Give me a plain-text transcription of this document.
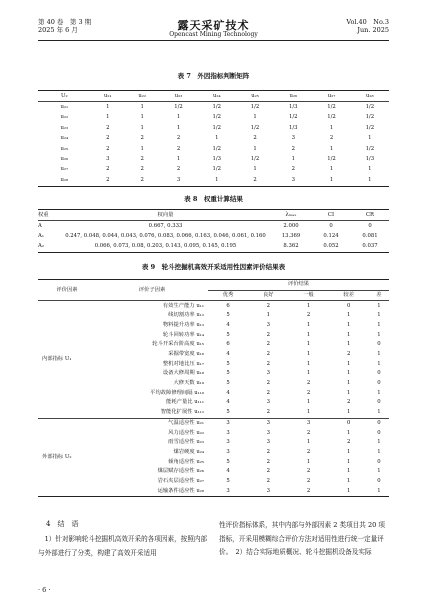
第 40 卷　第 3 期
2025 年 6 月	露天采矿技术
Opencast Mining Technology
Vol.40　No.3
Jun. 2025
表 7　外因指标判断矩阵
U₂	u₂₁	u₂₂	u₂₃	u₂₄	u₂₅	u₂₆	u₂₇	u₂₈
u₂₁	1	1	1/2	1/2	1/2	1/3	1/2	1/2
u₂₂	1	1	1	1/2	1	1/2	1/2	1/2
u₂₃	2	1	1	1/2	1/2	1/3	1	1/2
u₂₄	2	2	2	1	2	3	2	1
u₂₅	2	1	2	1/2	1	2	1	1/2
u₂₆	3	2	1	1/3	1/2	1	1/2	1/3
u₂₇	2	2	2	1/2	1	2	1	1
u₂₈	2	2	3	1	2	3	1	1
表 8　权重计算结果
权重	权向量	λₘₐₓ	CI	CR
A	0.667, 0.333	2.000	0	0
A₁	0.247, 0.048, 0.044, 0.043, 0.076, 0.083, 0.066, 0.163, 0.046, 0.061, 0.160	13.369	0.124	0.081
A₂	0.066, 0.073, 0.08, 0.203, 0.143, 0.095, 0.145, 0.195	8.362	0.052	0.037
表 9　轮斗挖掘机高效开采适用性因素评价结果表
评价因素	评价子因素	评价结果				
		优秀	良好	一般	较差	差
内部指标 U₁	有效生产能力 u₁₁	6	2	1	0	1
	线切割功率 u₁₂	5	1	2	1	1
	物料提升功率 u₁₃	4	3	1	1	1
	轮斗回转功率 u₁₄	5	2	1	1	1
	轮斗开采台阶高度 u₁₅	6	2	1	1	0
	采掘带宽度 u₁₆	4	2	1	2	1
	整机对地比压 u₁₇	5	2	1	1	1
	设备大修周期 u₁₈	5	3	1	1	0
	大修天数 u₁₉	5	2	2	1	0
	平均故障修理间隔 u₁₁₀	4	2	2	1	1
	能耗产量比 u₁₁₁	4	3	1	2	0
	智能化扩展性 u₁₁₂	5	2	1	1	1
外部指标 U₂	气温适应性 u₂₁	3	3	3	0	0
	风力适应性 u₂₂	3	3	2	1	0
	雨雪适应性 u₂₃	3	3	1	2	1
	煤岩硬度 u₂₄	3	2	2	1	1
	倾角适应性 u₂₅	5	2	1	1	0
	煤层赋存适应性 u₂₆	4	2	2	1	1
	岩石夹层适应性 u₂₇	5	2	2	1	0
	运输条件适应性 u₂₈	3	3	2	1	1
4　结　语
　1）针对影响轮斗挖掘机高效开采的各项因素，按照内部与外部进行了分类，构建了高效开采适用
性评价指标体系，其中内部与外部因素 2 类项目共 20 项指标，开采用模糊综合评价方法对适用性进行统一定量评价。　2）结合实际地质概况、轮斗挖掘机设备及实际
· 6 ·
